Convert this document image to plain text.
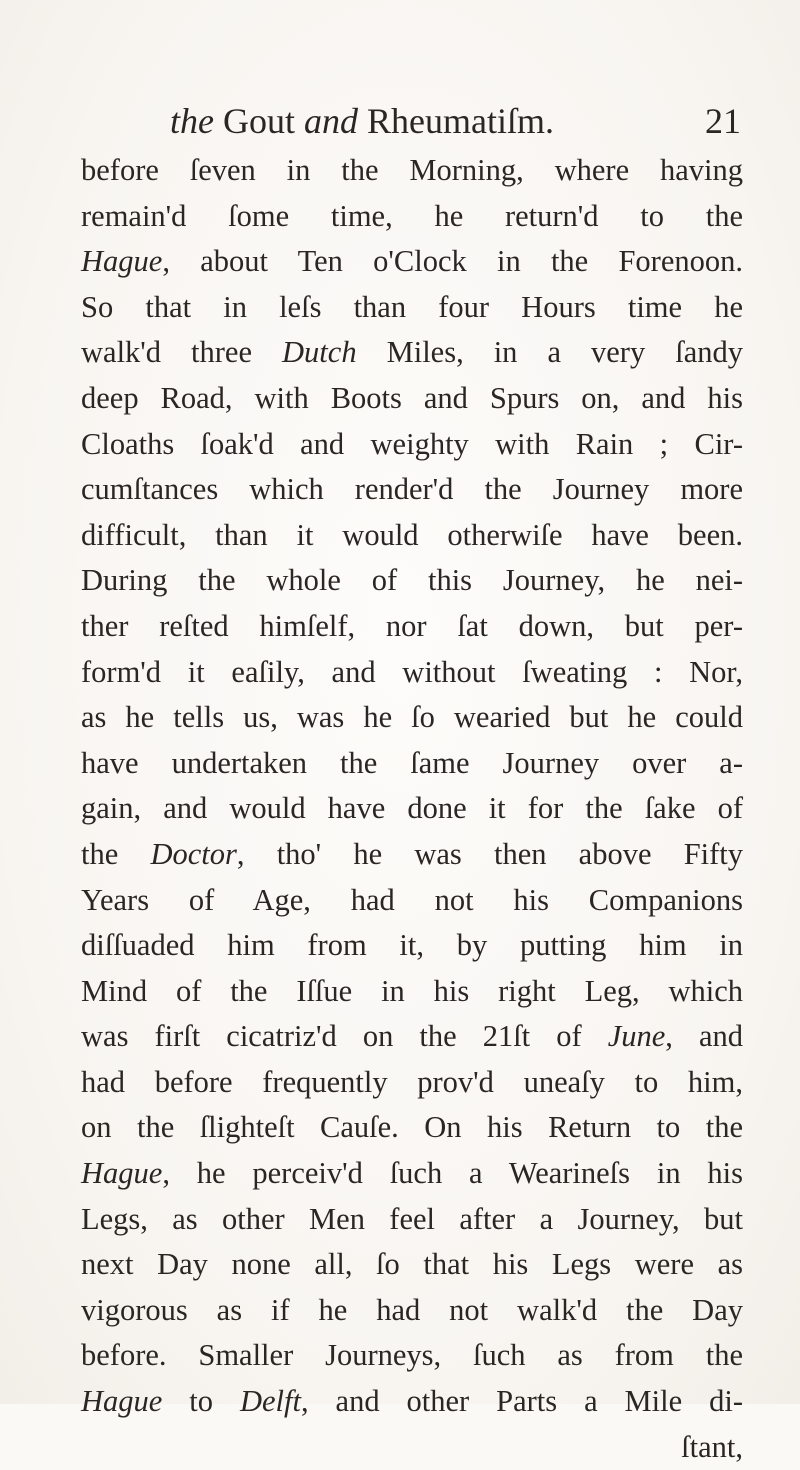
the Gout and Rheumatiſm.	21
before ſeven in the Morning, where having
remain'd ſome time, he return'd to the
Hague, about Ten o'Clock in the Forenoon.
So that in leſs than four Hours time he
walk'd three Dutch Miles, in a very ſandy
deep Road, with Boots and Spurs on, and his
Cloaths ſoak'd and weighty with Rain ; Cir-
cumſtances which render'd the Journey more
difficult, than it would otherwiſe have been.
During the whole of this Journey, he nei-
ther reſted himſelf, nor ſat down, but per-
form'd it eaſily, and without ſweating : Nor,
as he tells us, was he ſo wearied but he could
have undertaken the ſame Journey over a-
gain, and would have done it for the ſake of
the Doctor, tho' he was then above Fifty
Years of Age, had not his Companions
diſſuaded him from it, by putting him in
Mind of the Iſſue in his right Leg, which
was firſt cicatriz'd on the 21ſt of June, and
had before frequently prov'd uneaſy to him,
on the ſlighteſt Cauſe. On his Return to the
Hague, he perceiv'd ſuch a Wearineſs in his
Legs, as other Men feel after a Journey, but
next Day none all, ſo that his Legs were as
vigorous as if he had not walk'd the Day
before. Smaller Journeys, ſuch as from the
Hague to Delft, and other Parts a Mile di-
ſtant,
